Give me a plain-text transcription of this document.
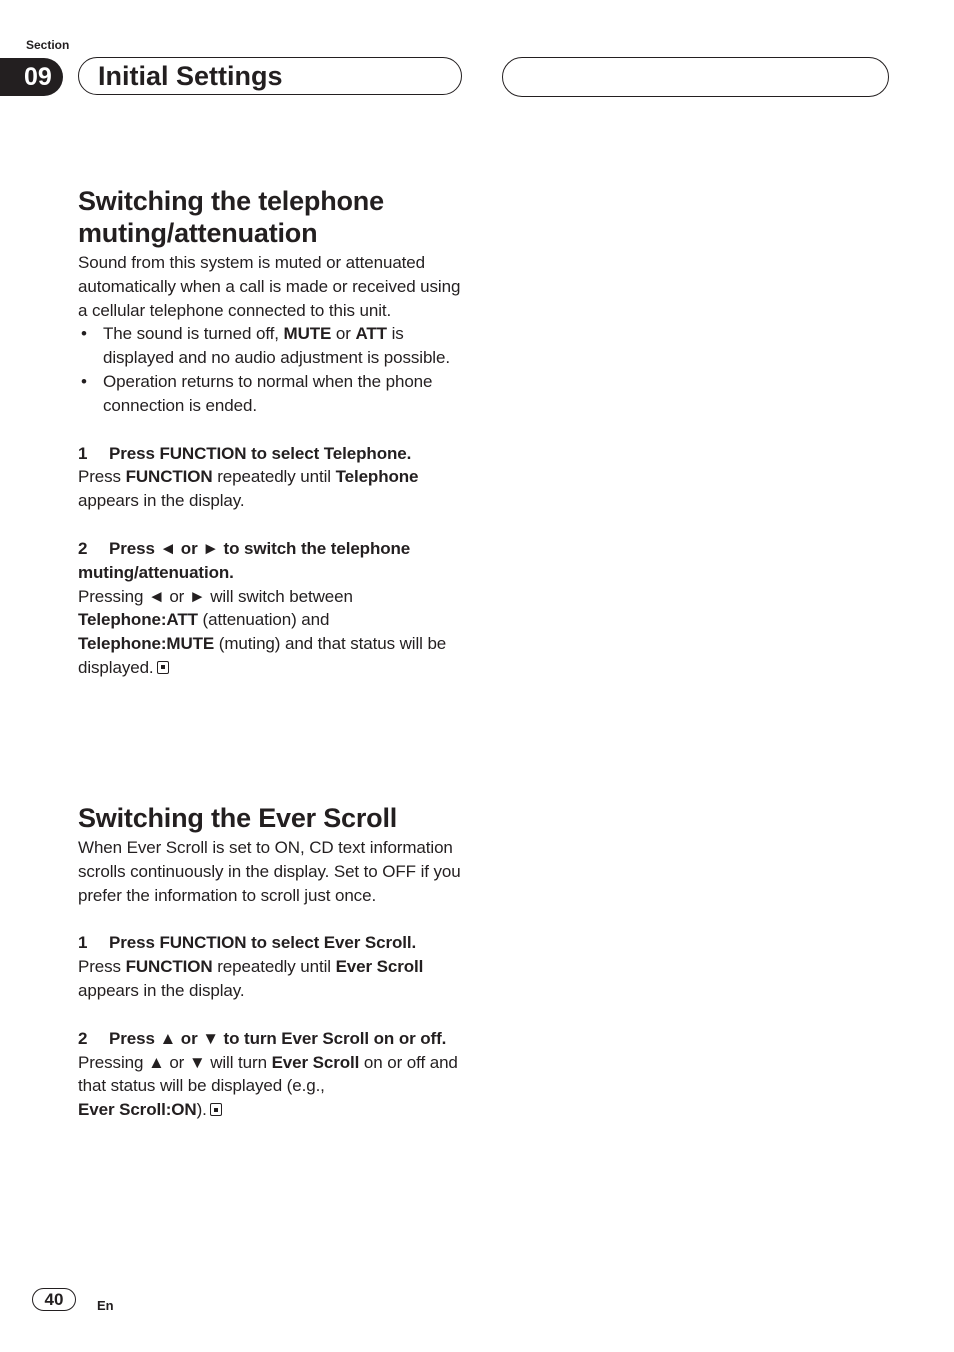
Section
09	Initial Settings
Switching the telephone
muting/attenuation

Sound from this system is muted or attenuated automatically when a call is made or received using a cellular telephone connected to this unit.

• The sound is turned off, MUTE or ATT is displayed and no audio adjustment is possible.
• Operation returns to normal when the phone connection is ended.

1 Press FUNCTION to select Telephone.

Press FUNCTION repeatedly until Telephone appears in the display.

2 Press ◄ or ► to switch the telephone muting/attenuation.

Pressing ◄ or ► will switch between Telephone:ATT (attenuation) and Telephone:MUTE (muting) and that status will be displayed.

Switching the Ever Scroll

When Ever Scroll is set to ON, CD text information scrolls continuously in the display. Set to OFF if you prefer the information to scroll just once.

1 Press FUNCTION to select Ever Scroll.

Press FUNCTION repeatedly until Ever Scroll appears in the display.

2 Press ▲ or ▼ to turn Ever Scroll on or off.

Pressing ▲ or ▼ will turn Ever Scroll on or off and that status will be displayed (e.g.,
Ever Scroll:ON).

40	En
